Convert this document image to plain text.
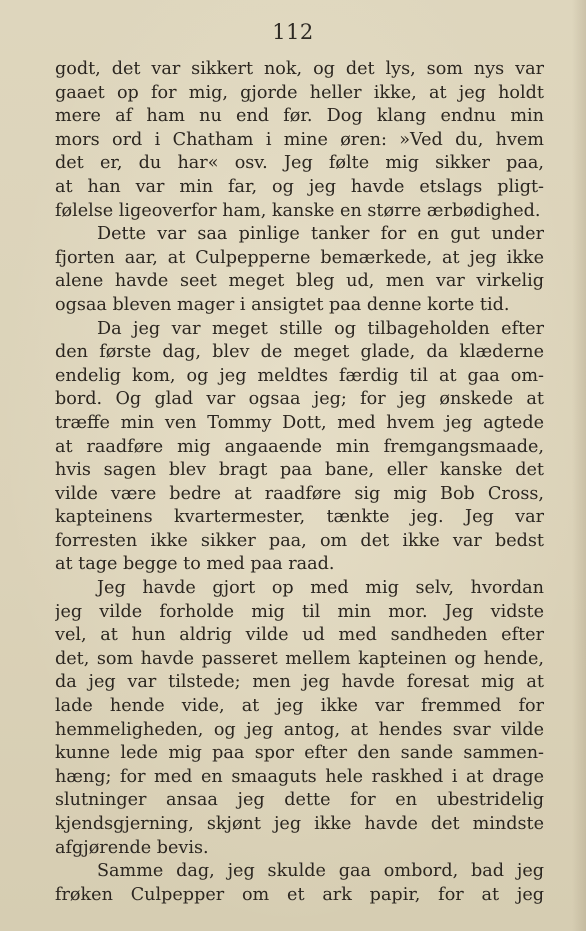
112
godt, det var sikkert nok, og det lys, som nys var
gaaet op for mig, gjorde heller ikke, at jeg holdt
mere af ham nu end før. Dog klang endnu min
mors ord i Chatham i mine øren: »Ved du, hvem
det er, du har« osv. Jeg følte mig sikker paa,
at han var min far, og jeg havde etslags pligt-
følelse ligeoverfor ham, kanske en større ærbødighed.
Dette var saa pinlige tanker for en gut under
fjorten aar, at Culpepperne bemærkede, at jeg ikke
alene havde seet meget bleg ud, men var virkelig
ogsaa bleven mager i ansigtet paa denne korte tid.
Da jeg var meget stille og tilbageholden efter
den første dag, blev de meget glade, da klæderne
endelig kom, og jeg meldtes færdig til at gaa om-
bord. Og glad var ogsaa jeg; for jeg ønskede at
træffe min ven Tommy Dott, med hvem jeg agtede
at raadføre mig angaaende min fremgangsmaade,
hvis sagen blev bragt paa bane, eller kanske det
vilde være bedre at raadføre sig mig Bob Cross,
kapteinens kvartermester, tænkte jeg. Jeg var
forresten ikke sikker paa, om det ikke var bedst
at tage begge to med paa raad.
Jeg havde gjort op med mig selv, hvordan
jeg vilde forholde mig til min mor. Jeg vidste
vel, at hun aldrig vilde ud med sandheden efter
det, som havde passeret mellem kapteinen og hende,
da jeg var tilstede; men jeg havde foresat mig at
lade hende vide, at jeg ikke var fremmed for
hemmeligheden, og jeg antog, at hendes svar vilde
kunne lede mig paa spor efter den sande sammen-
hæng; for med en smaaguts hele raskhed i at drage
slutninger ansaa jeg dette for en ubestridelig
kjendsgjerning, skjønt jeg ikke havde det mindste
afgjørende bevis.
Samme dag, jeg skulde gaa ombord, bad jeg
frøken Culpepper om et ark papir, for at jeg
